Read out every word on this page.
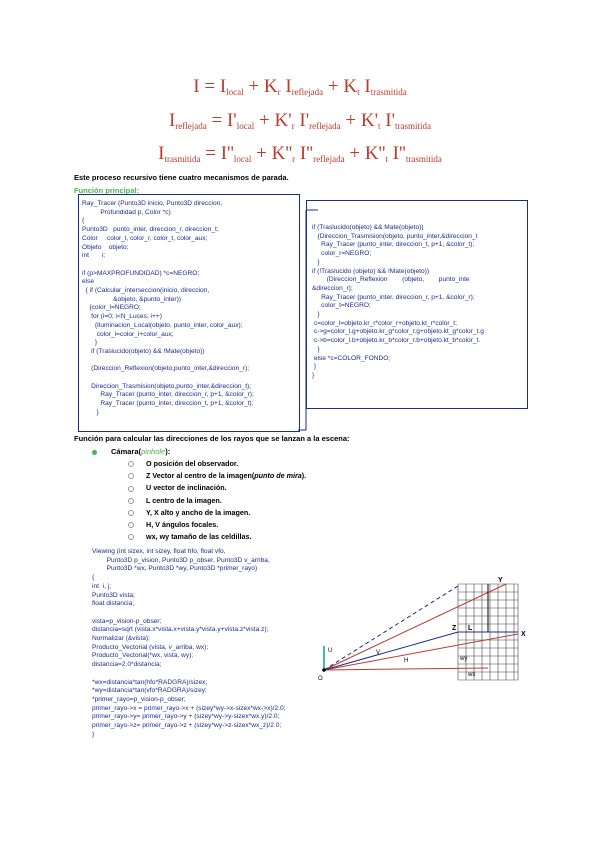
$I = I_{local} + K_r$ $I_{reflejada} + K_t$ $I_{trasmitida}$
$I_{reflejada} = I'_{local} + K'_r$ $I'_{reflejada} + K'_t$ $I'_{trasmitida}$
$I_{trasmitida} = I''_{local} + K''_r$ $I''_{reflejada} + K''_t$ $I''_{trasmitida}$
Este proceso recursivo tiene cuatro mecanismos de parada.
Función principal:
Ray_Tracer (Punto3D inicio, Punto3D direccion,
Profundidad p, Color *c)
{
Punto3D   punto_inter, direccion_r, direccion_t;
Color     color_l, color_r, color_t, color_aux;
Objeto    objeto;
int       i;

if (p>MAXPROFUNDIDAD) *c=NEGRO;
else
{ if (Calcular_interseccion(inicio, direccion,
&objeto, &punto_inter))
{color_l=NEGRO;
for (i=0; i<N_Luces; i++)
{Iluminacion_Local(objeto, punto_inter, color_aux);
color_l=color_l+color_aux;
}
if (Traslucido(objeto) && !Mate(objeto))

(Direccion_Reflexion(objeto,punto_inter,&direccion_r);

Direccion_Trasmision(objeto,punto_inter,&direccion_t);
Ray_Tracer (punto_inter, direccion_r, p+1, &color_r);
Ray_Tracer (punto_inter, direccion_t, p+1, &color_t);
}
if (Traslucido(objeto) && Mate(objeto))
{Direccion_Trasmision(objeto, punto_inter,&direccion_t
Ray_Tracer (punto_inter, direccion_t, p+1, &color_t);
color_r=NEGRO;
}
if (!Traslucido (objeto) && !Mate(objeto))
(Direccion_Reflexion        (objeto,        punto_inte
&direccion_r);
Ray_Tracer (punto_inter, direccion_r, p+1, &color_r);
color_t=NEGRO;
}
c=color_l=objeto.kr_r*color_r+objeto.kt_r*color_t;
c->g=color_l.g+objeto.kr_g*color_r.g+objeto.kt_g*color_t.g
c->b=color_l.b+objeto.kr_b*color_r.b+objeto.kt_b*color_t.
}
else *c=COLOR_FONDO;
}
}
Función para calcular las direcciones de los rayos que se lanzan a la escena:
Cámara(pinhole):
O posición del observador.
Z Vector al centro de la imagen(punto de mira).
U vector de inclinación.
L centro de la imagen.
Y, X alto y ancho de la imagen.
H, V ángulos focales.
wx, wy tamaño de las celdillas.
Viewing (int sizex, int sizey, float hfo, float vfo,
Punto3D p_vision, Punto3D p_obser, Punto3D v_arriba,
Punto3D *wx, Punto3D *wy, Punto3D *primer_rayo)
{
int  i, j;
Punto3D vista;
float distancia;

vista=p_vision-p_obser;
distancia=sqrt (vista.x*vista.x+vista.y*vista.y+vista.z*vista.z);
Normalizar (&vista);
Producto_Vectorial (vista, v_arriba, wx);
Producto_Vectorial(*wx, vista, wy);
distancia=2.0*distancia;

*wx=distancia*tan(hfo*RADGRA)/sizex;
*wy=distancia*tan(vfo*RADGRA)/sizey;
*primer_rayo=p_vision-p_obser;
primer_rayo->x = primer_rayo->x + (sizey*wy->x-sizex*wx->x)/2.0;
primer_rayo->y= primer_rayo->y + (sizey*wy->y-sizex*wx.y)/2.0;
primer_rayo->z= primer_rayo->z + (sizey*wy->z-sizex*wx_z)/2.0;
}
Y
X
Z L
U
O
V
H	wy
wx
